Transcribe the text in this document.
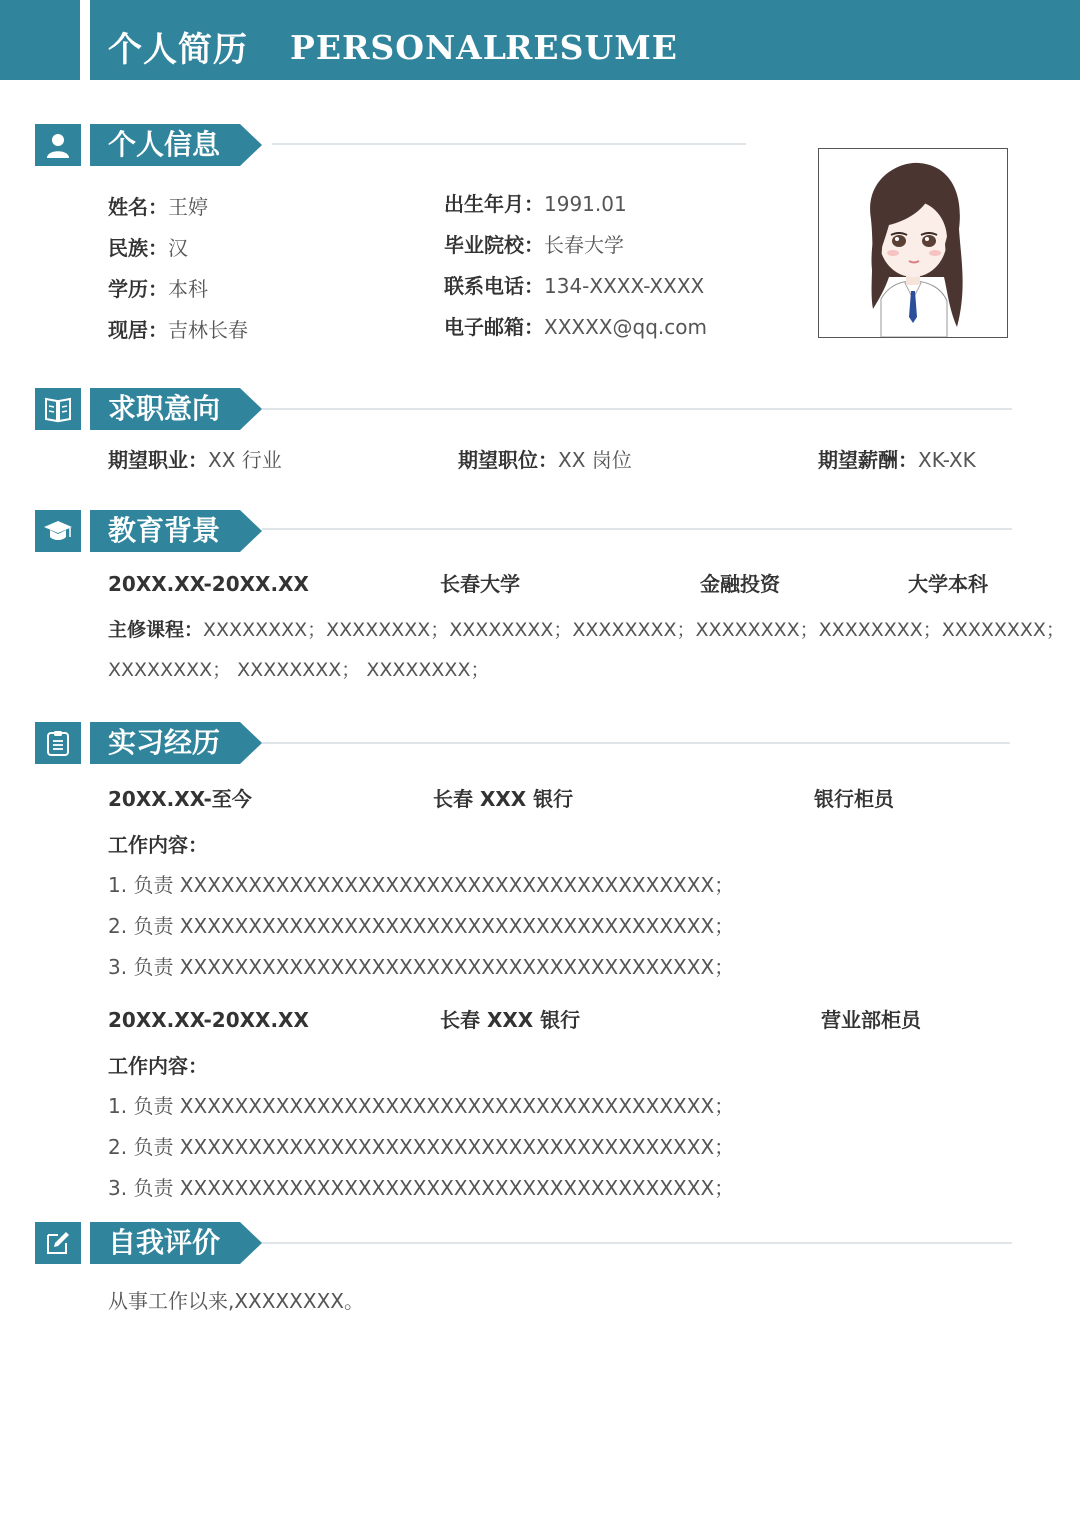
个人简历 PERSONAL
RESUME
个人信息
姓名：王婷
民族：汉
学历：本科
现居：吉林长春
出生年月：1991.01
毕业院校：长春大学
联系电话：134-XXXX-XXXX
电子邮箱：XXXXX@qq.com
求职意向
期望职业：XX 行业	期望职位：XX 岗位	期望薪酬：XK-XK
教育背景
20XX.XX-20XX.XX	长春大学	金融投资	大学本科
主修课程：XXXXXXXX；XXXXXXXX；XXXXXXXX；XXXXXXXX；XXXXXXXX；XXXXXXXX；XXXXXXXX；
XXXXXXXX； XXXXXXXX； XXXXXXXX；
实习经历
20XX.XX-至今	长春 XXX 银行	银行柜员
工作内容：
1. 负责 XXXXXXXXXXXXXXXXXXXXXXXXXXXXXXXXXXXXXXX；
2. 负责 XXXXXXXXXXXXXXXXXXXXXXXXXXXXXXXXXXXXXXX；
3. 负责 XXXXXXXXXXXXXXXXXXXXXXXXXXXXXXXXXXXXXXX；
20XX.XX-20XX.XX	长春 XXX 银行	营业部柜员
工作内容：
1. 负责 XXXXXXXXXXXXXXXXXXXXXXXXXXXXXXXXXXXXXXX；
2. 负责 XXXXXXXXXXXXXXXXXXXXXXXXXXXXXXXXXXXXXXX；
3. 负责 XXXXXXXXXXXXXXXXXXXXXXXXXXXXXXXXXXXXXXX；
自我评价
从事工作以来,XXXXXXXX。
